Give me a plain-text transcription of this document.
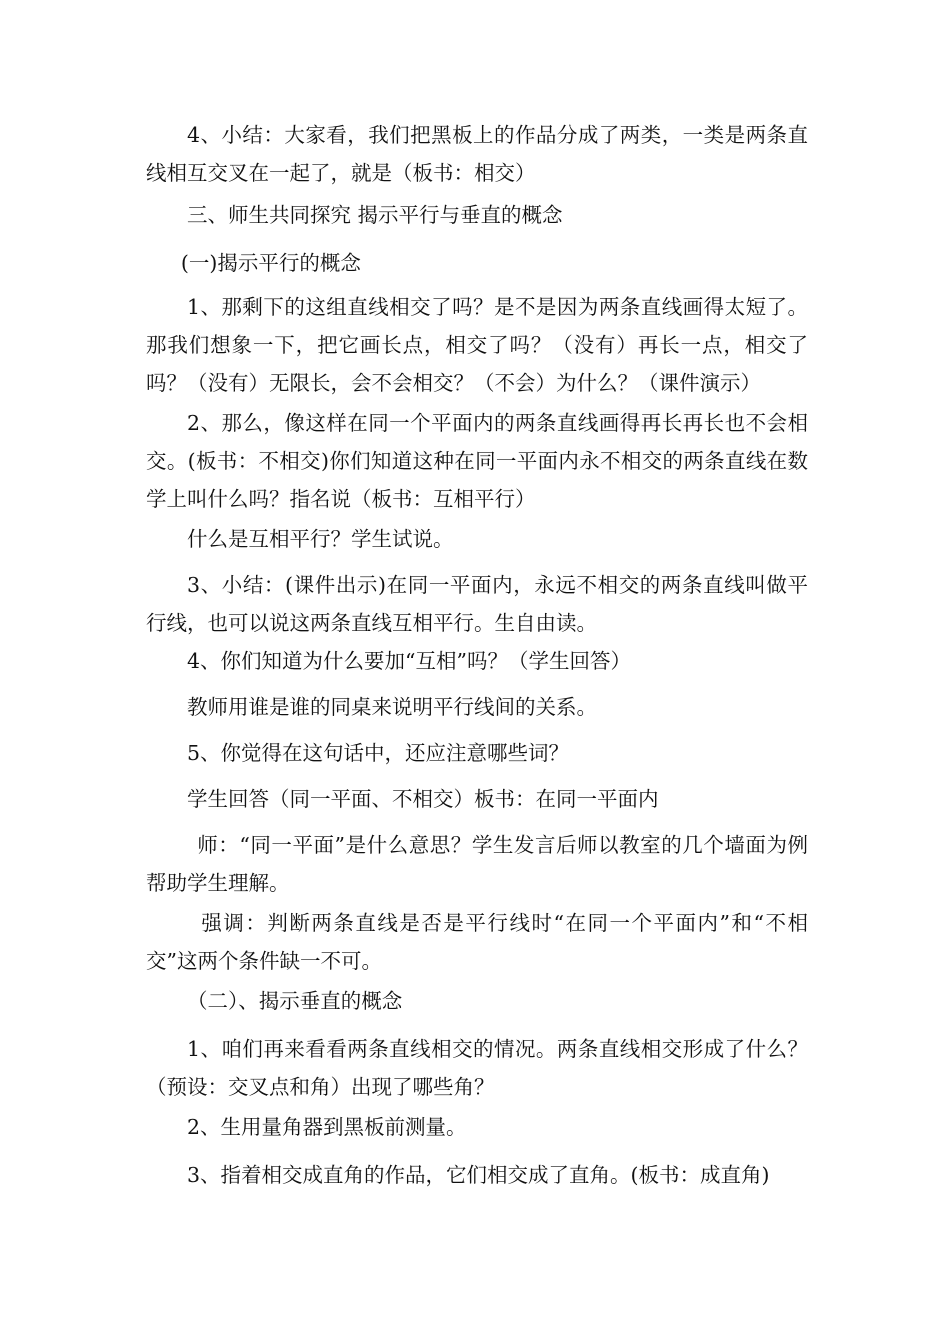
4、小结：大家看，我们把黑板上的作品分成了两类，一类是两条直线相互交叉在一起了，就是（板书：相交）

三、师生共同探究 揭示平行与垂直的概念

(一)揭示平行的概念

1、那剩下的这组直线相交了吗？是不是因为两条直线画得太短了。那我们想象一下，把它画长点，相交了吗？（没有）再长一点，相交了吗？（没有）无限长，会不会相交？（不会）为什么？（课件演示）

2、那么，像这样在同一个平面内的两条直线画得再长再长也不会相交。(板书：不相交)你们知道这种在同一平面内永不相交的两条直线在数学上叫什么吗？指名说（板书：互相平行）

什么是互相平行？学生试说。

3、小结：(课件出示)在同一平面内，永远不相交的两条直线叫做平行线，也可以说这两条直线互相平行。生自由读。

4、你们知道为什么要加“互相”吗？（学生回答）

教师用谁是谁的同桌来说明平行线间的关系。

5、你觉得在这句话中，还应注意哪些词？

学生回答（同一平面、不相交）板书：在同一平面内

师：“同一平面”是什么意思？学生发言后师以教室的几个墙面为例帮助学生理解。

强调：判断两条直线是否是平行线时“在同一个平面内”和“不相交”这两个条件缺一不可。

（二）、揭示垂直的概念

1、咱们再来看看两条直线相交的情况。两条直线相交形成了什么？（预设：交叉点和角）出现了哪些角？

2、生用量角器到黑板前测量。

3、指着相交成直角的作品，它们相交成了直角。(板书：成直角)
